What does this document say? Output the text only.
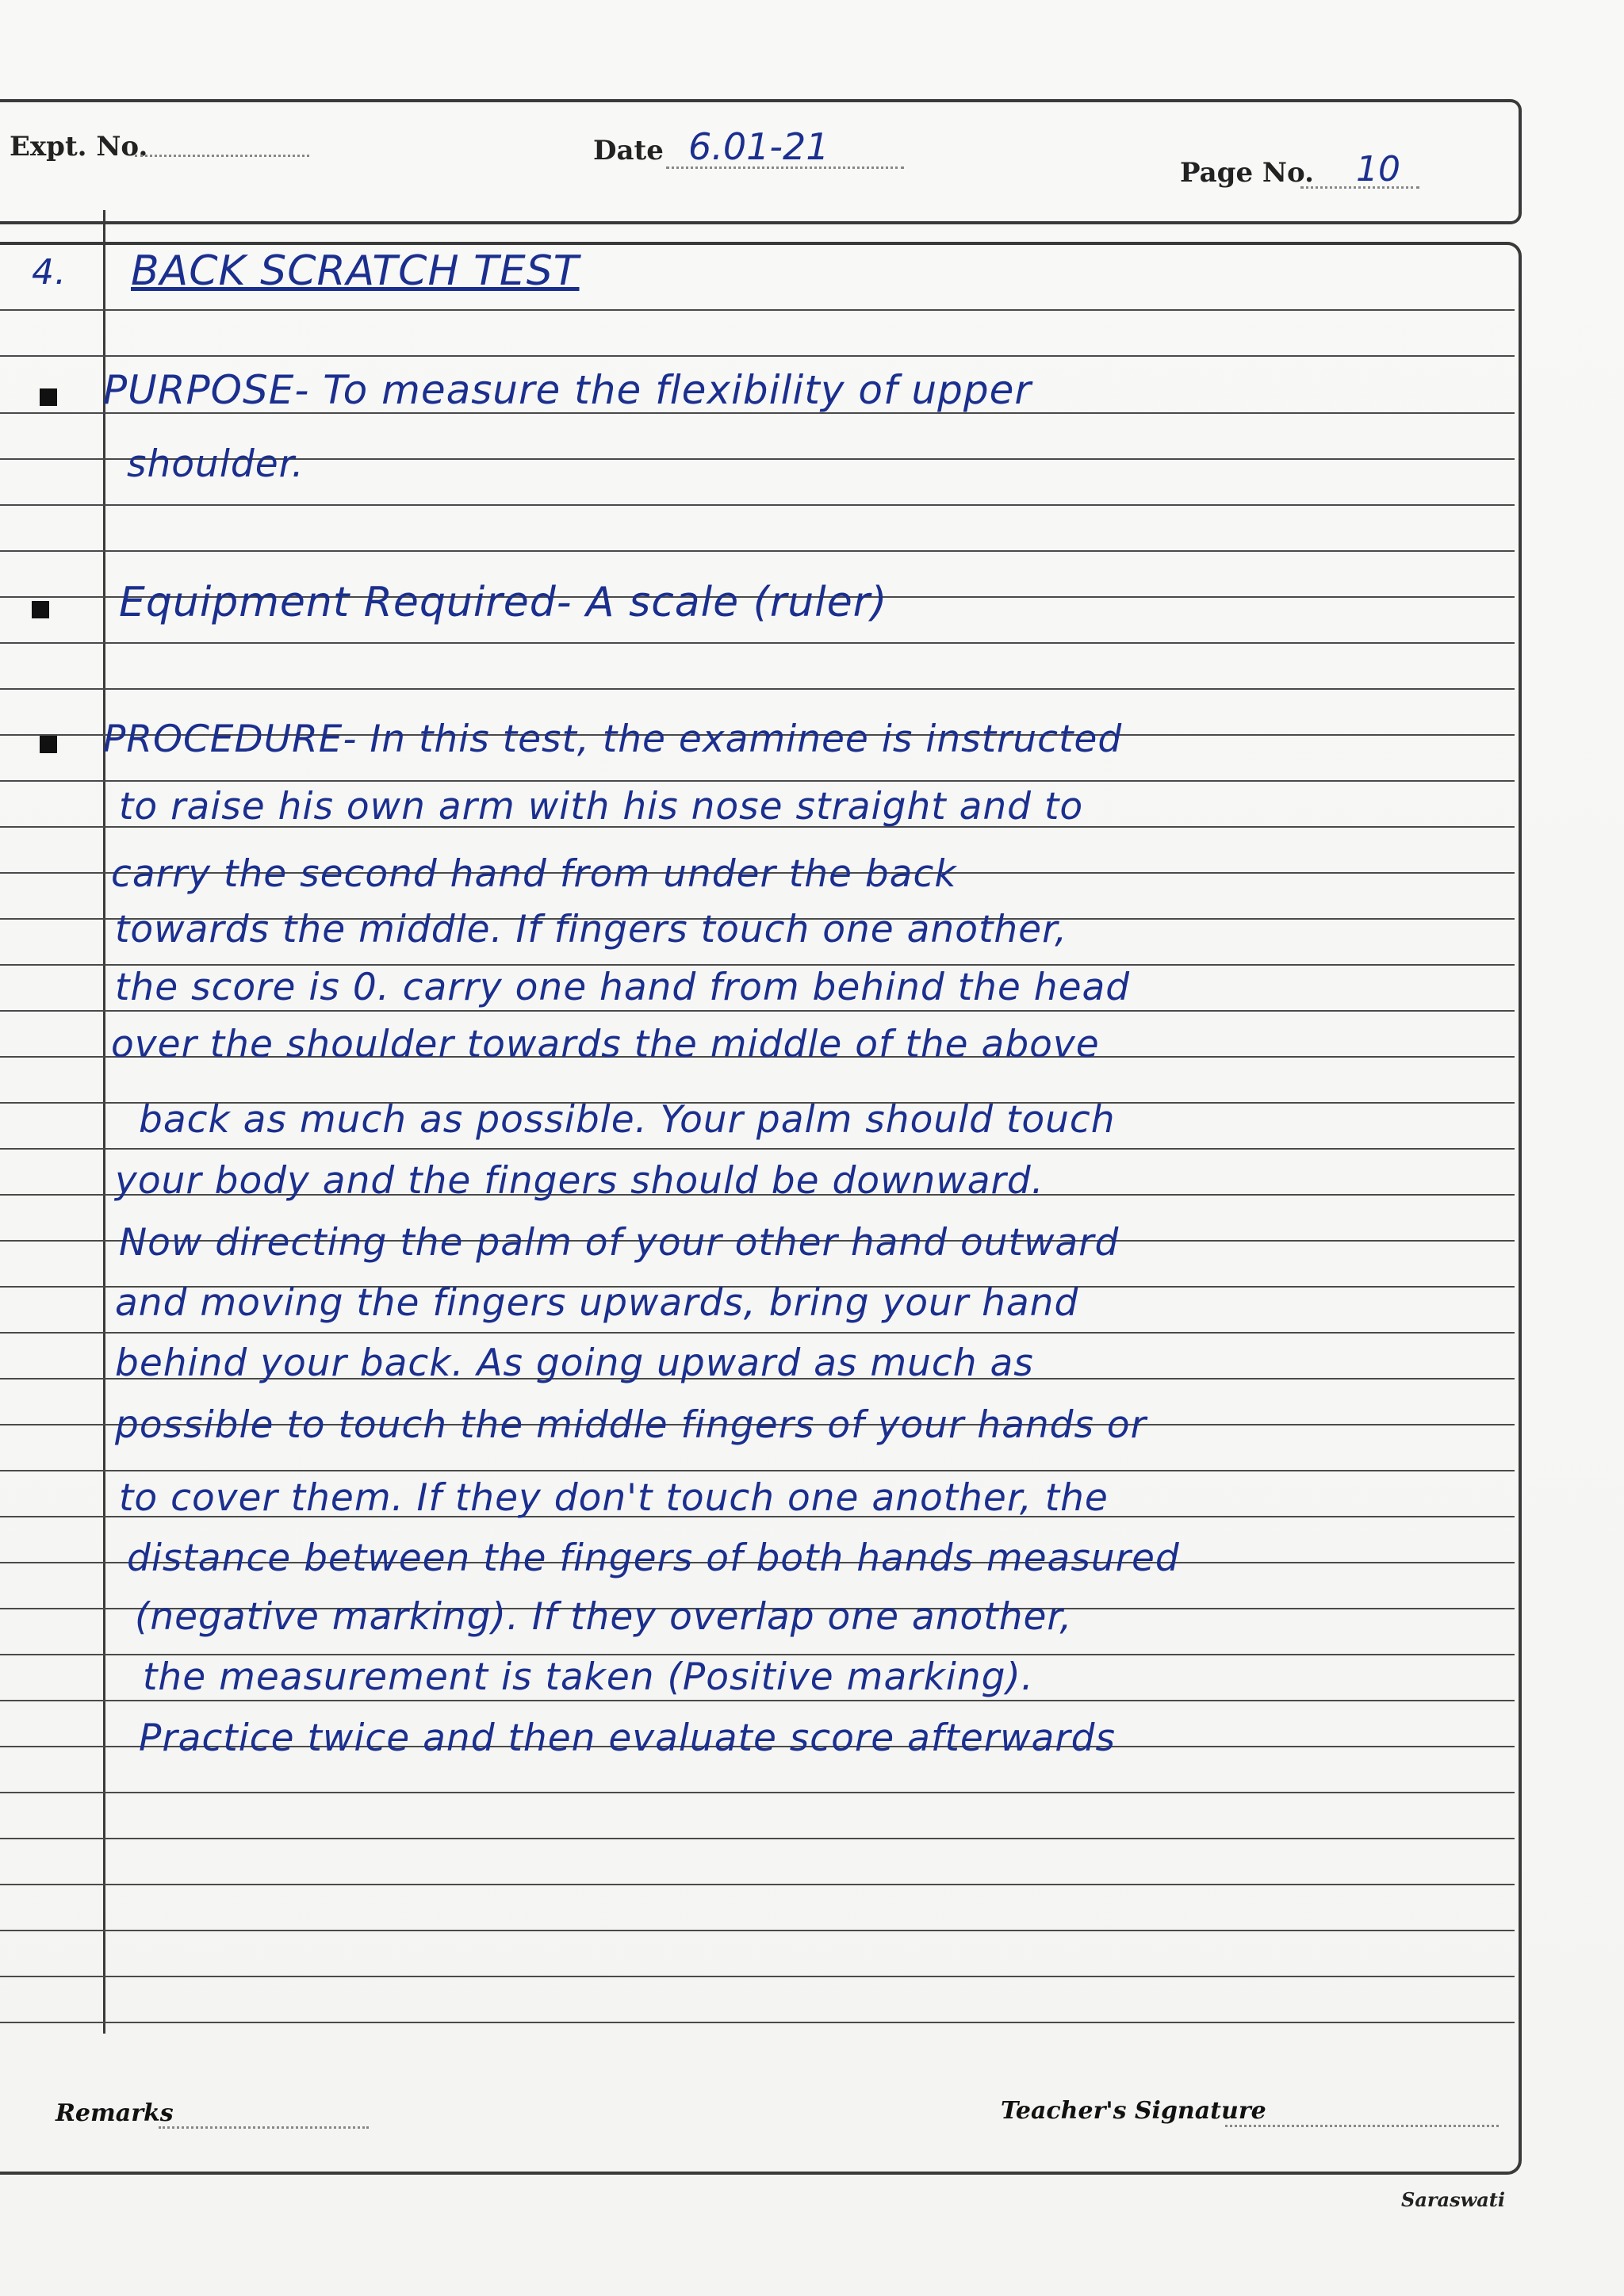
Expt. No.	Date 6.01-21
Page No. 10
4. BACK SCRATCH TEST
PURPOSE- To measure the flexibility of upper
shoulder.
Equipment Required- A scale (ruler)
PROCEDURE- In this test, the examinee is instructed
to raise his own arm with his nose straight and to
carry the second hand from under the back
towards the middle. If fingers touch one another,
the score is 0. carry one hand from behind the head
over the shoulder towards the middle of the above
back as much as possible. Your palm should touch
your body and the fingers should be downward.
Now directing the palm of your other hand outward
and moving the fingers upwards, bring your hand
behind your back. As going upward as much as
possible to touch the middle fingers of your hands or
to cover them. If they don't touch one another, the
distance between the fingers of both hands measured
(negative marking). If they overlap one another,
the measurement is taken (Positive marking).
Practice twice and then evaluate score afterwards
Remarks	Teacher's Signature
Saraswati
